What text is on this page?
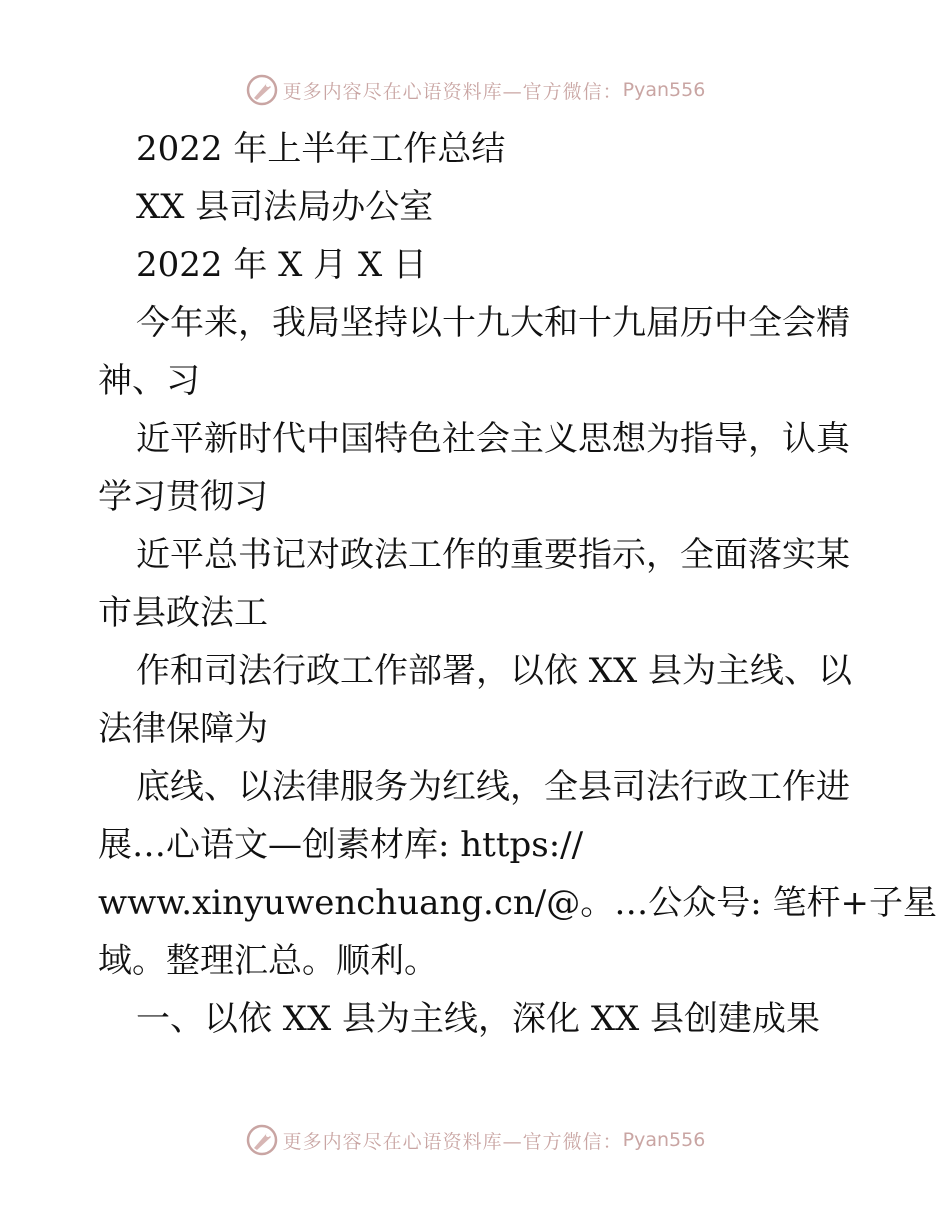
更多内容尽在心语资料库—官方微信： Pyan556
2022 年上半年工作总结
XX 县司法局办公室
2022 年 X 月 X 日
今年来，我局坚持以十九大和十九届历中全会精
神、习
近平新时代中国特色社会主义思想为指导，认真
学习贯彻习
近平总书记对政法工作的重要指示，全面落实某
市县政法工
作和司法行政工作部署，以依 XX 县为主线、以
法律保障为
底线、以法律服务为红线，全县司法行政工作进
展…心语文—创素材库: https://
www.xinyuwenchuang.cn/@。…公众号: 笔杆+子星
域。整理汇总。顺利。
一、以依 XX 县为主线，深化 XX 县创建成果
更多内容尽在心语资料库—官方微信： Pyan556
